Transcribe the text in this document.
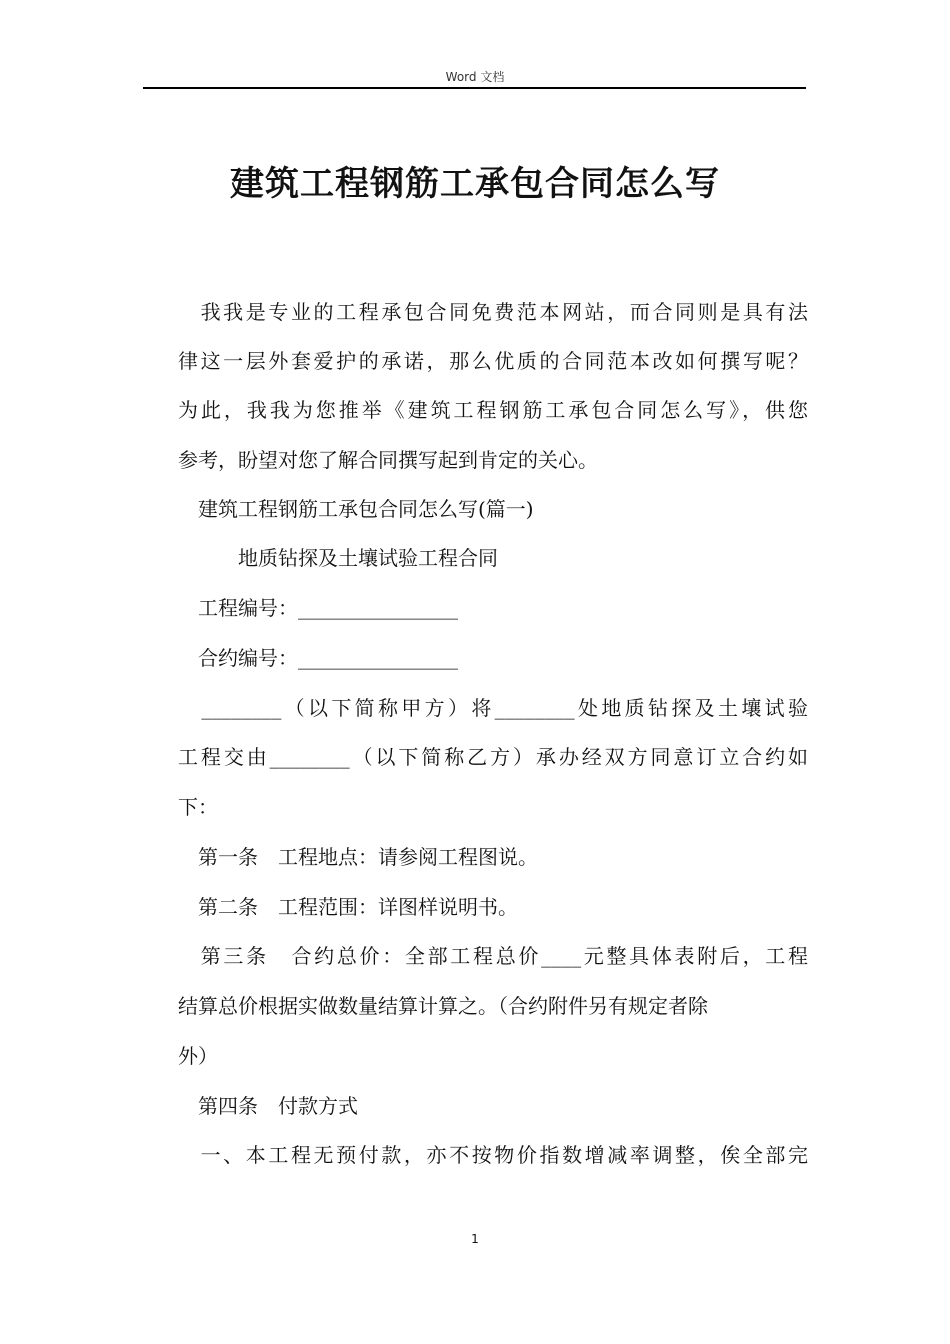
Word 文档
建筑工程钢筋工承包合同怎么写
　我我是专业的工程承包合同免费范本网站，而合同则是具有法
律这一层外套爱护的承诺，那么优质的合同范本改如何撰写呢？
为此，我我为您推举《建筑工程钢筋工承包合同怎么写》，供您
参考，盼望对您了解合同撰写起到肯定的关心。
　建筑工程钢筋工承包合同怎么写(篇一)
　　　地质钻探及土壤试验工程合同
　工程编号：________________
　合约编号：________________
　________（以下简称甲方）将________处地质钻探及土壤试验
工程交由________（以下简称乙方）承办经双方同意订立合约如
下：
　第一条　工程地点：请参阅工程图说。
　第二条　工程范围：详图样说明书。
　第三条　合约总价：全部工程总价____元整具体表附后，工程
结算总价根据实做数量结算计算之。（合约附件另有规定者除
外）
　第四条　付款方式
　一、本工程无预付款，亦不按物价指数增减率调整，俟全部完
1
